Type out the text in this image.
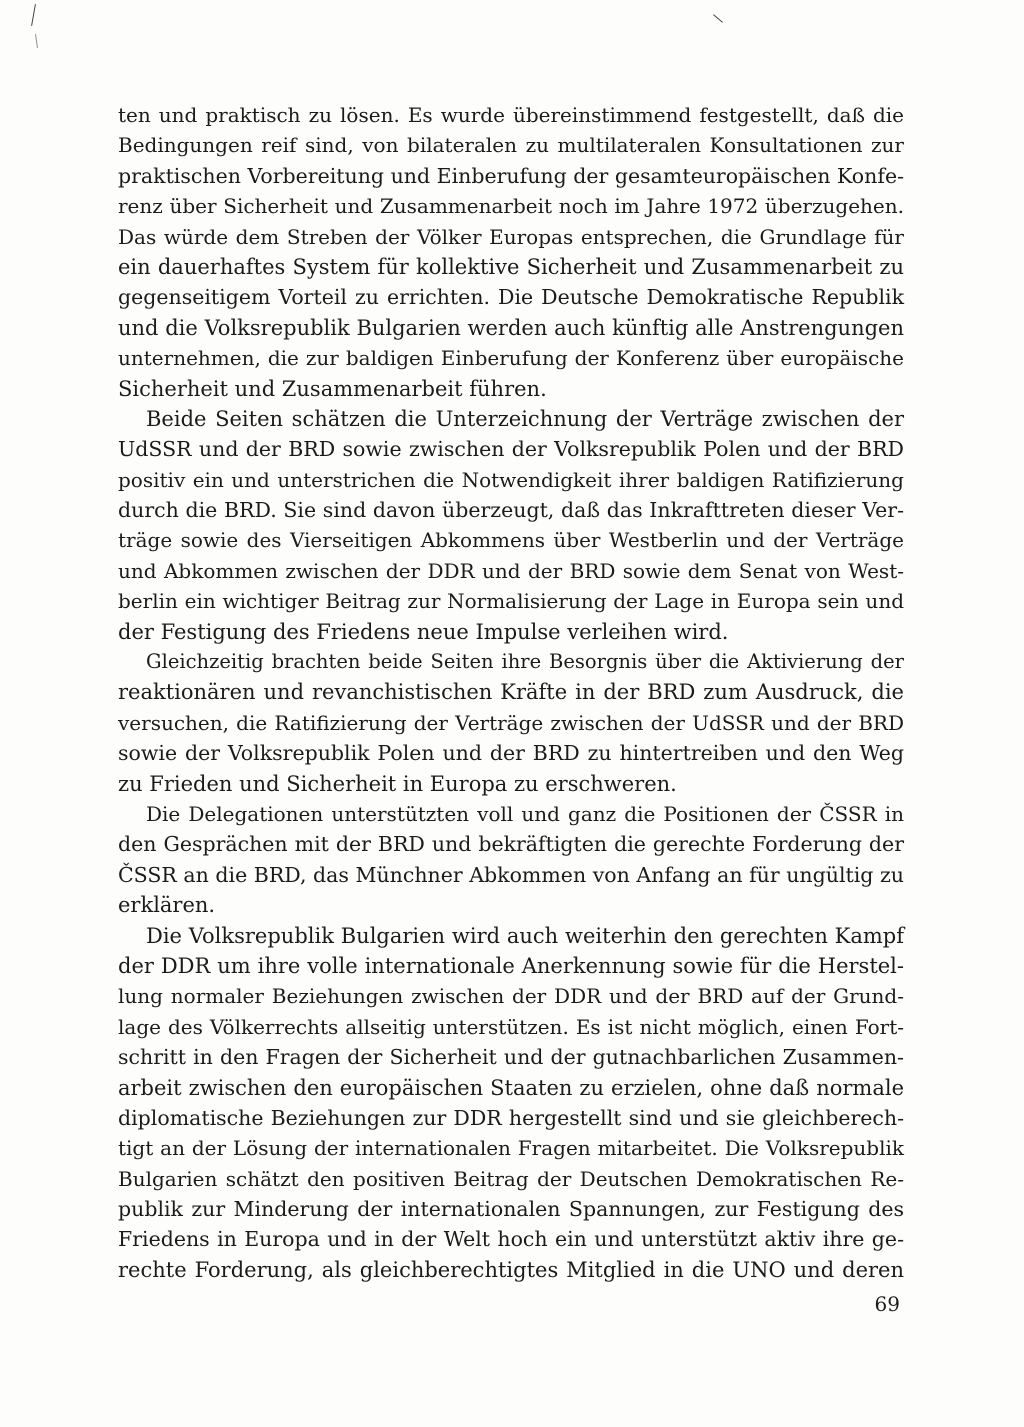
ten und praktisch zu lösen. Es wurde übereinstimmend festgestellt, daß die
Bedingungen reif sind, von bilateralen zu multilateralen Konsultationen zur
praktischen Vorbereitung und Einberufung der gesamteuropäischen Konfe-
renz über Sicherheit und Zusammenarbeit noch im Jahre 1972 überzugehen.
Das würde dem Streben der Völker Europas entsprechen, die Grundlage für
ein dauerhaftes System für kollektive Sicherheit und Zusammenarbeit zu
gegenseitigem Vorteil zu errichten. Die Deutsche Demokratische Republik
und die Volksrepublik Bulgarien werden auch künftig alle Anstrengungen
unternehmen, die zur baldigen Einberufung der Konferenz über europäische
Sicherheit und Zusammenarbeit führen.
Beide Seiten schätzen die Unterzeichnung der Verträge zwischen der
UdSSR und der BRD sowie zwischen der Volksrepublik Polen und der BRD
positiv ein und unterstrichen die Notwendigkeit ihrer baldigen Ratifizierung
durch die BRD. Sie sind davon überzeugt, daß das Inkrafttreten dieser Ver-
träge sowie des Vierseitigen Abkommens über Westberlin und der Verträge
und Abkommen zwischen der DDR und der BRD sowie dem Senat von West-
berlin ein wichtiger Beitrag zur Normalisierung der Lage in Europa sein und
der Festigung des Friedens neue Impulse verleihen wird.
Gleichzeitig brachten beide Seiten ihre Besorgnis über die Aktivierung der
reaktionären und revanchistischen Kräfte in der BRD zum Ausdruck, die
versuchen, die Ratifizierung der Verträge zwischen der UdSSR und der BRD
sowie der Volksrepublik Polen und der BRD zu hintertreiben und den Weg
zu Frieden und Sicherheit in Europa zu erschweren.
Die Delegationen unterstützten voll und ganz die Positionen der ČSSR in
den Gesprächen mit der BRD und bekräftigten die gerechte Forderung der
ČSSR an die BRD, das Münchner Abkommen von Anfang an für ungültig zu
erklären.
Die Volksrepublik Bulgarien wird auch weiterhin den gerechten Kampf
der DDR um ihre volle internationale Anerkennung sowie für die Herstel-
lung normaler Beziehungen zwischen der DDR und der BRD auf der Grund-
lage des Völkerrechts allseitig unterstützen. Es ist nicht möglich, einen Fort-
schritt in den Fragen der Sicherheit und der gutnachbarlichen Zusammen-
arbeit zwischen den europäischen Staaten zu erzielen, ohne daß normale
diplomatische Beziehungen zur DDR hergestellt sind und sie gleichberech-
tigt an der Lösung der internationalen Fragen mitarbeitet. Die Volksrepublik
Bulgarien schätzt den positiven Beitrag der Deutschen Demokratischen Re-
publik zur Minderung der internationalen Spannungen, zur Festigung des
Friedens in Europa und in der Welt hoch ein und unterstützt aktiv ihre ge-
rechte Forderung, als gleichberechtigtes Mitglied in die UNO und deren
69
